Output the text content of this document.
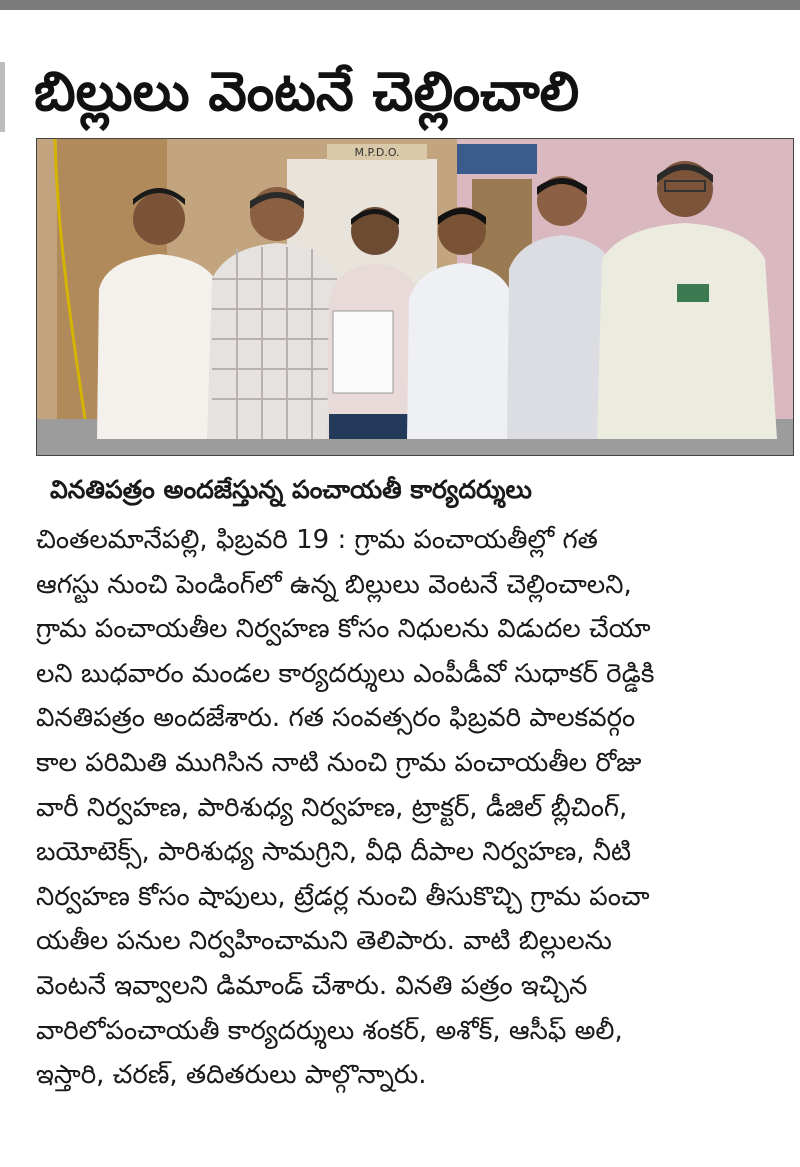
బిల్లులు వెంటనే చెల్లించాలి
M.P.D.O.
వినతిపత్రం అందజేస్తున్న పంచాయతీ కార్యదర్శులు
చింతలమానేపల్లి, ఫిబ్రవరి 19 : గ్రామ పంచాయతీల్లో గత
ఆగస్టు నుంచి పెండింగ్‌లో ఉన్న బిల్లులు వెంటనే చెల్లించాలని,
గ్రామ పంచాయతీల నిర్వహణ కోసం నిధులను విడుదల చేయా
లని బుధవారం మండల కార్యదర్శులు ఎంపీడీవో సుధాకర్ రెడ్డికి
వినతిపత్రం అందజేశారు. గత సంవత్సరం ఫిబ్రవరి పాలకవర్గం
కాల పరిమితి ముగిసిన నాటి నుంచి గ్రామ పంచాయతీల రోజు
వారీ నిర్వహణ, పారిశుధ్య నిర్వహణ, ట్రాక్టర్, డీజిల్ బ్లీచింగ్,
బయోటెక్స్, పారిశుధ్య సామగ్రిని, వీధి దీపాల నిర్వహణ, నీటి
నిర్వహణ కోసం షాపులు, ట్రేడర్ల నుంచి తీసుకొచ్చి గ్రామ పంచా
యతీల పనుల నిర్వహించామని తెలిపారు. వాటి బిల్లులను
వెంటనే ఇవ్వాలని డిమాండ్ చేశారు. వినతి పత్రం ఇచ్చిన
వారిలోపంచాయతీ కార్యదర్శులు శంకర్, అశోక్, ఆసీఫ్ అలీ,
ఇస్తారి, చరణ్, తదితరులు పాల్గొన్నారు.
